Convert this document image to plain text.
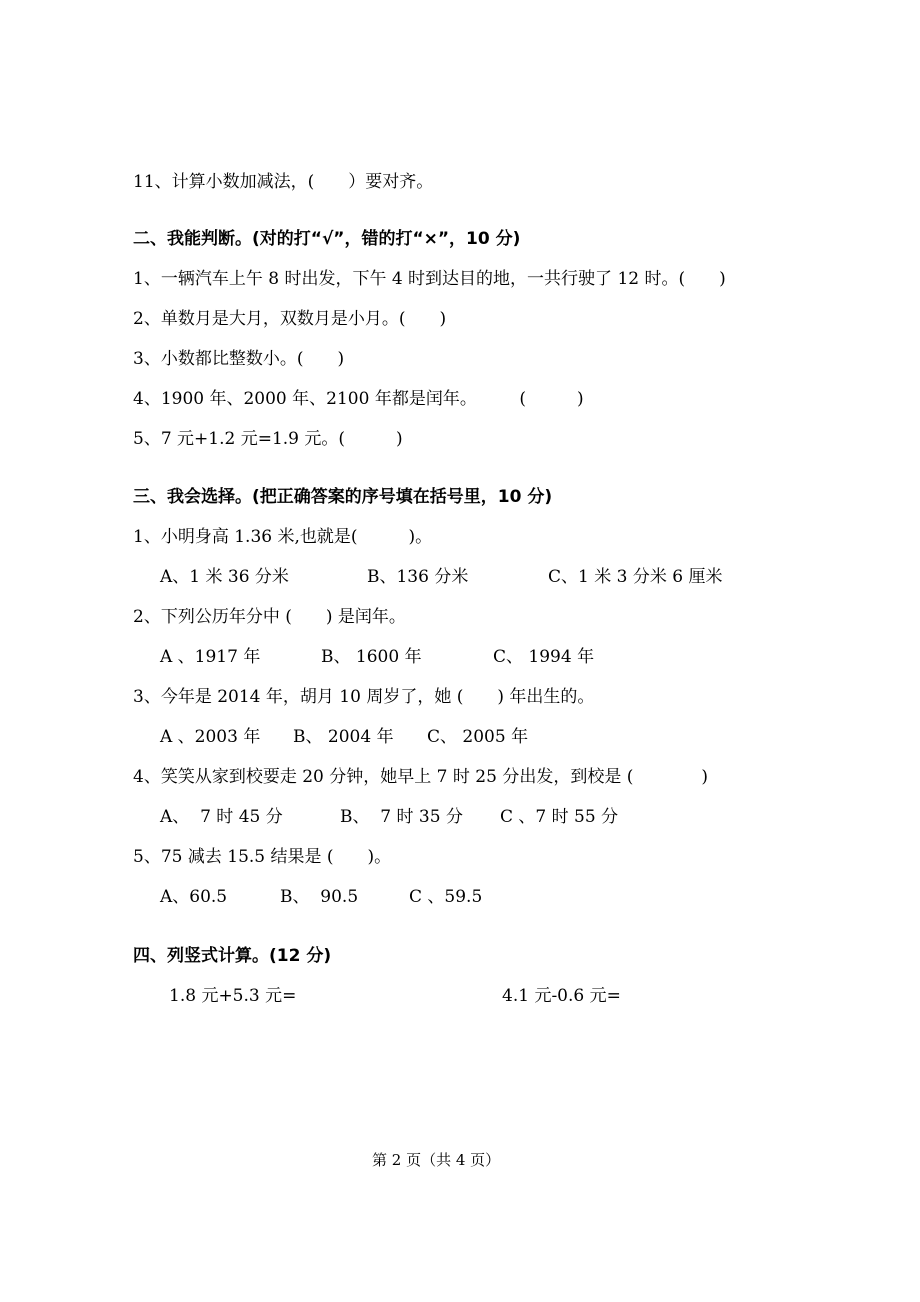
11、计算小数加减法，(　　）要对齐。
二、我能判断。(对的打“√”，错的打“×”，10 分)
1、一辆汽车上午 8 时出发，下午 4 时到达目的地，一共行驶了 12 时。(　　)
2、单数月是大月，双数月是小月。(　　)
3、小数都比整数小。(　　)
4、1900 年、2000 年、2100 年都是闰年。　　　(　　　)
5、7 元+1.2 元=1.9 元。(　　　)
三、我会选择。(把正确答案的序号填在括号里，10 分)
1、小明身高 1.36 米,也就是(　　　)。
A、1 米 36 分米	B、136 分米	C、1 米 3 分米 6 厘米
2、下列公历年分中 (　　) 是闰年。
A 、1917 年	B、 1600 年	C、 1994 年
3、今年是 2014 年，胡月 10 周岁了，她 (　　) 年出生的。
A 、2003 年 B、 2004 年 C、 2005 年
4、笑笑从家到校要走 20 分钟，她早上 7 时 25 分出发，到校是 (　　　　)
A、  7 时 45 分	B、  7 时 35 分 C 、7 时 55 分
5、75 减去 15.5 结果是 (　　)。
A、60.5	B、  90.5	C 、59.5
四、列竖式计算。(12 分)
1.8 元+5.3 元=	4.1 元-0.6 元=
第 2 页（共 4 页）
